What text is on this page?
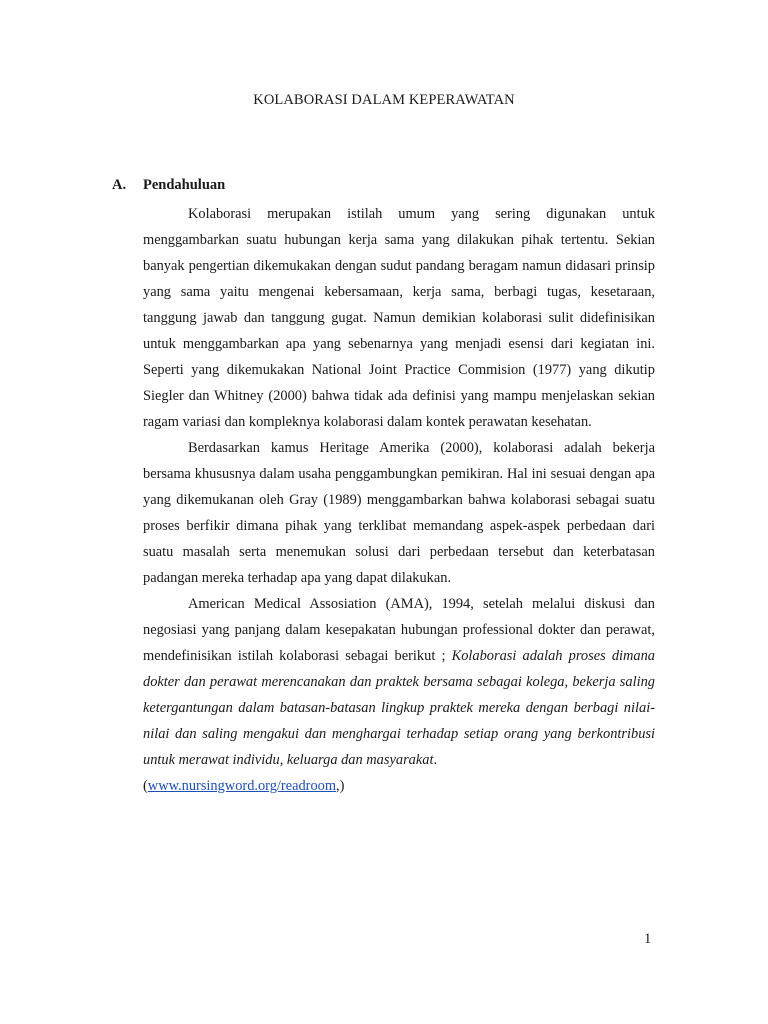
KOLABORASI DALAM KEPERAWATAN
A. Pendahuluan

Kolaborasi merupakan istilah umum yang sering digunakan untuk menggambarkan suatu hubungan kerja sama yang dilakukan pihak tertentu. Sekian banyak pengertian dikemukakan dengan sudut pandang beragam namun didasari prinsip yang sama yaitu mengenai kebersamaan, kerja sama, berbagi tugas, kesetaraan, tanggung jawab dan tanggung gugat. Namun demikian kolaborasi sulit didefinisikan untuk menggambarkan apa yang sebenarnya yang menjadi esensi dari kegiatan ini. Seperti yang dikemukakan National Joint Practice Commision (1977) yang dikutip Siegler dan Whitney (2000) bahwa tidak ada definisi yang mampu menjelaskan sekian ragam variasi dan kompleknya kolaborasi dalam kontek perawatan kesehatan.

Berdasarkan kamus Heritage Amerika (2000), kolaborasi adalah bekerja bersama khususnya dalam usaha penggambungkan pemikiran. Hal ini sesuai dengan apa yang dikemukanan oleh Gray (1989) menggambarkan bahwa kolaborasi sebagai suatu proses berfikir dimana pihak yang terklibat memandang aspek-aspek perbedaan dari suatu masalah serta menemukan solusi dari perbedaan tersebut dan keterbatasan padangan mereka terhadap apa yang dapat dilakukan.

American Medical Assosiation (AMA), 1994, setelah melalui diskusi dan negosiasi yang panjang dalam kesepakatan hubungan professional dokter dan perawat, mendefinisikan istilah kolaborasi sebagai berikut ; Kolaborasi adalah proses dimana dokter dan perawat merencanakan dan praktek bersama sebagai kolega, bekerja saling ketergantungan dalam batasan-batasan lingkup praktek mereka dengan berbagi nilai-nilai dan saling mengakui dan menghargai terhadap setiap orang yang berkontribusi untuk merawat individu, keluarga dan masyarakat.

(www.nursingword.org/readroom,)

1
